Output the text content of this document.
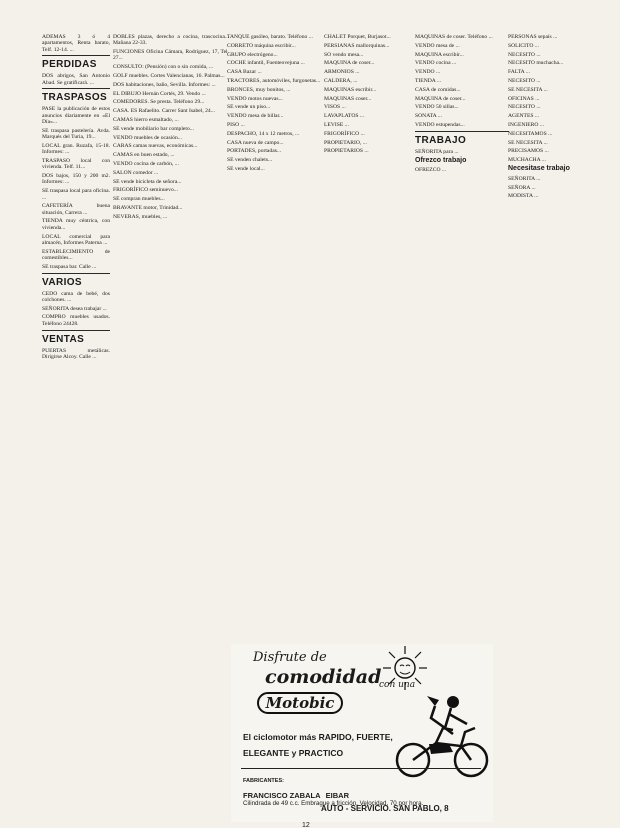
ADEMÁS 3 ó 4 apartamentos, Renta barato, Telf. 12-14. ...

PERDIDAS

DOS abrigos, San Antonio Abad. Se gratificará. ...

TRASPASOS

PASE la publicación de estos anuncios diariamente en «El Día»...

SE traspasa pastelería. Avda. Marqués del Turia, 19...

LOCAL gran. Ruzafa, 15-18. Informes: ...

TRASPASO local con vivienda. Telf. 11...

DOS bajos, 150 y 200 m2. Informes: ...

SE traspasa local para oficina. ...

CAFETERÍA buena situación, Carrera ...

TIENDA muy céntrica, con vivienda...

LOCAL comercial para almacén, Informes Paterna ...

ESTABLECIMIENTO de comestibles...

SE traspasa bar. Calle ...

VARIOS

CEDO cama de bebé, dos colchones. ...

SEÑORITA desea trabajar ...

COMPRO muebles usados. Teléfono 24428.

VENTAS

PUERTAS metálicas. Dirigirse Alcoy. Calle ...

DOBLES plazas, derecho a cocina, trascocina... Mañana 22-33.

FUNCIONES Oficina Cámara, Rodríguez, 17, Tel. 27...

CONSULTO: (Pensión) con o sin comida, ...

GOLF muebles. Cortes Valencianas, 16. Palmas...

DOS habitaciones, baño, Sevilla. Informes: ...

EL DIBUJO Hernán Cortés, 29. Vendo ...

COMEDORES. Se presta. Teléfono 29...

CASA. ES Rafaelito. Carrer Sant Isabel, 24...

CAMAS hierro esmaltado, ...

SE vende mobiliario bar completo...

VENDO muebles de ocasión...

CARAS camas nuevas, económicas...

CAMAS en buen estado, ...

VENDO cocina de carbón, ...

SALON comedor ...

SE vende bicicleta de señora...

FRIGORÍFICO seminuevo...

SE compran muebles...

BRAVANTE motor, Trinidad...

NEVERAS, muebles, ...

TANQUE gasóleo, barato. Teléfono ...

CORRETO máquina escribir...

GRUPO electrógeno...

COCHE infantil, Fuenteovejuna ...

CASA Bazar ...

TRACTORES, automóviles, furgonetas...

BRONCES, muy bonitos, ...

VENDO motos nuevas...

SE vende un piso...

VENDO mesa de billar...

PISO ...

DESPACHO, 14 x 12 metros, ...

CASA nueva de campo...

PORTADES, portadas...

SE venden chalets...

SE vende local...

CHALET Porquet, Burjasot...

PERSIANAS mallorquinas...

SO vendo mesa...

MAQUINA de coser...

ARMONIOS ...

CALDERA, ...

MAQUINAS escribir...

MAQUINAS coser...

VISOS ...

LAVAPLATOS ...

LEVISE ...

FRIGORÍFICO ...

PROPIETARIO, ...

PROPIETARIOS ...

MAQUINAS de coser. Teléfono ...

VENDO mesa de ...

MAQUINA escribir...

VENDO cocina ...

VENDO ...

TIENDA ...

CASA de comidas...

MAQUINA de coser...

VENDO 50 sillas...

SONATA ...

VENDO estupendas...

TRABAJO

SEÑORITA para ...

Ofrezco trabajo

OFREZCO ...

PERSONAS sepaís ...

SOLICITO ...

NECESITO ...

NECESITO muchacha...

FALTA ...

NECESITO ...

SE NECESITA ...

OFICINAS ...

NECESITO ...

AGENTES ...

INGENIERO ...

NECESITAMOS ...

SE NECESITA ...

PRECISAMOS ...

MUCHACHA ...

Necesitase trabajo

SEÑORITA ...

SEÑORA ...

MODISTA ...

Disfrute de
comodidad
con una
Motobic
El ciclomotor más RAPIDO, FUERTE,
ELEGANTE y PRACTICO
FABRICANTES:
FRANCISCO ZABALA EIBAR
Cilindrada de 49 c.c. Embrague a fricción. Velocidad, 70 por hora.
AUTO - SERVICIO. SAN PABLO, 8
12
